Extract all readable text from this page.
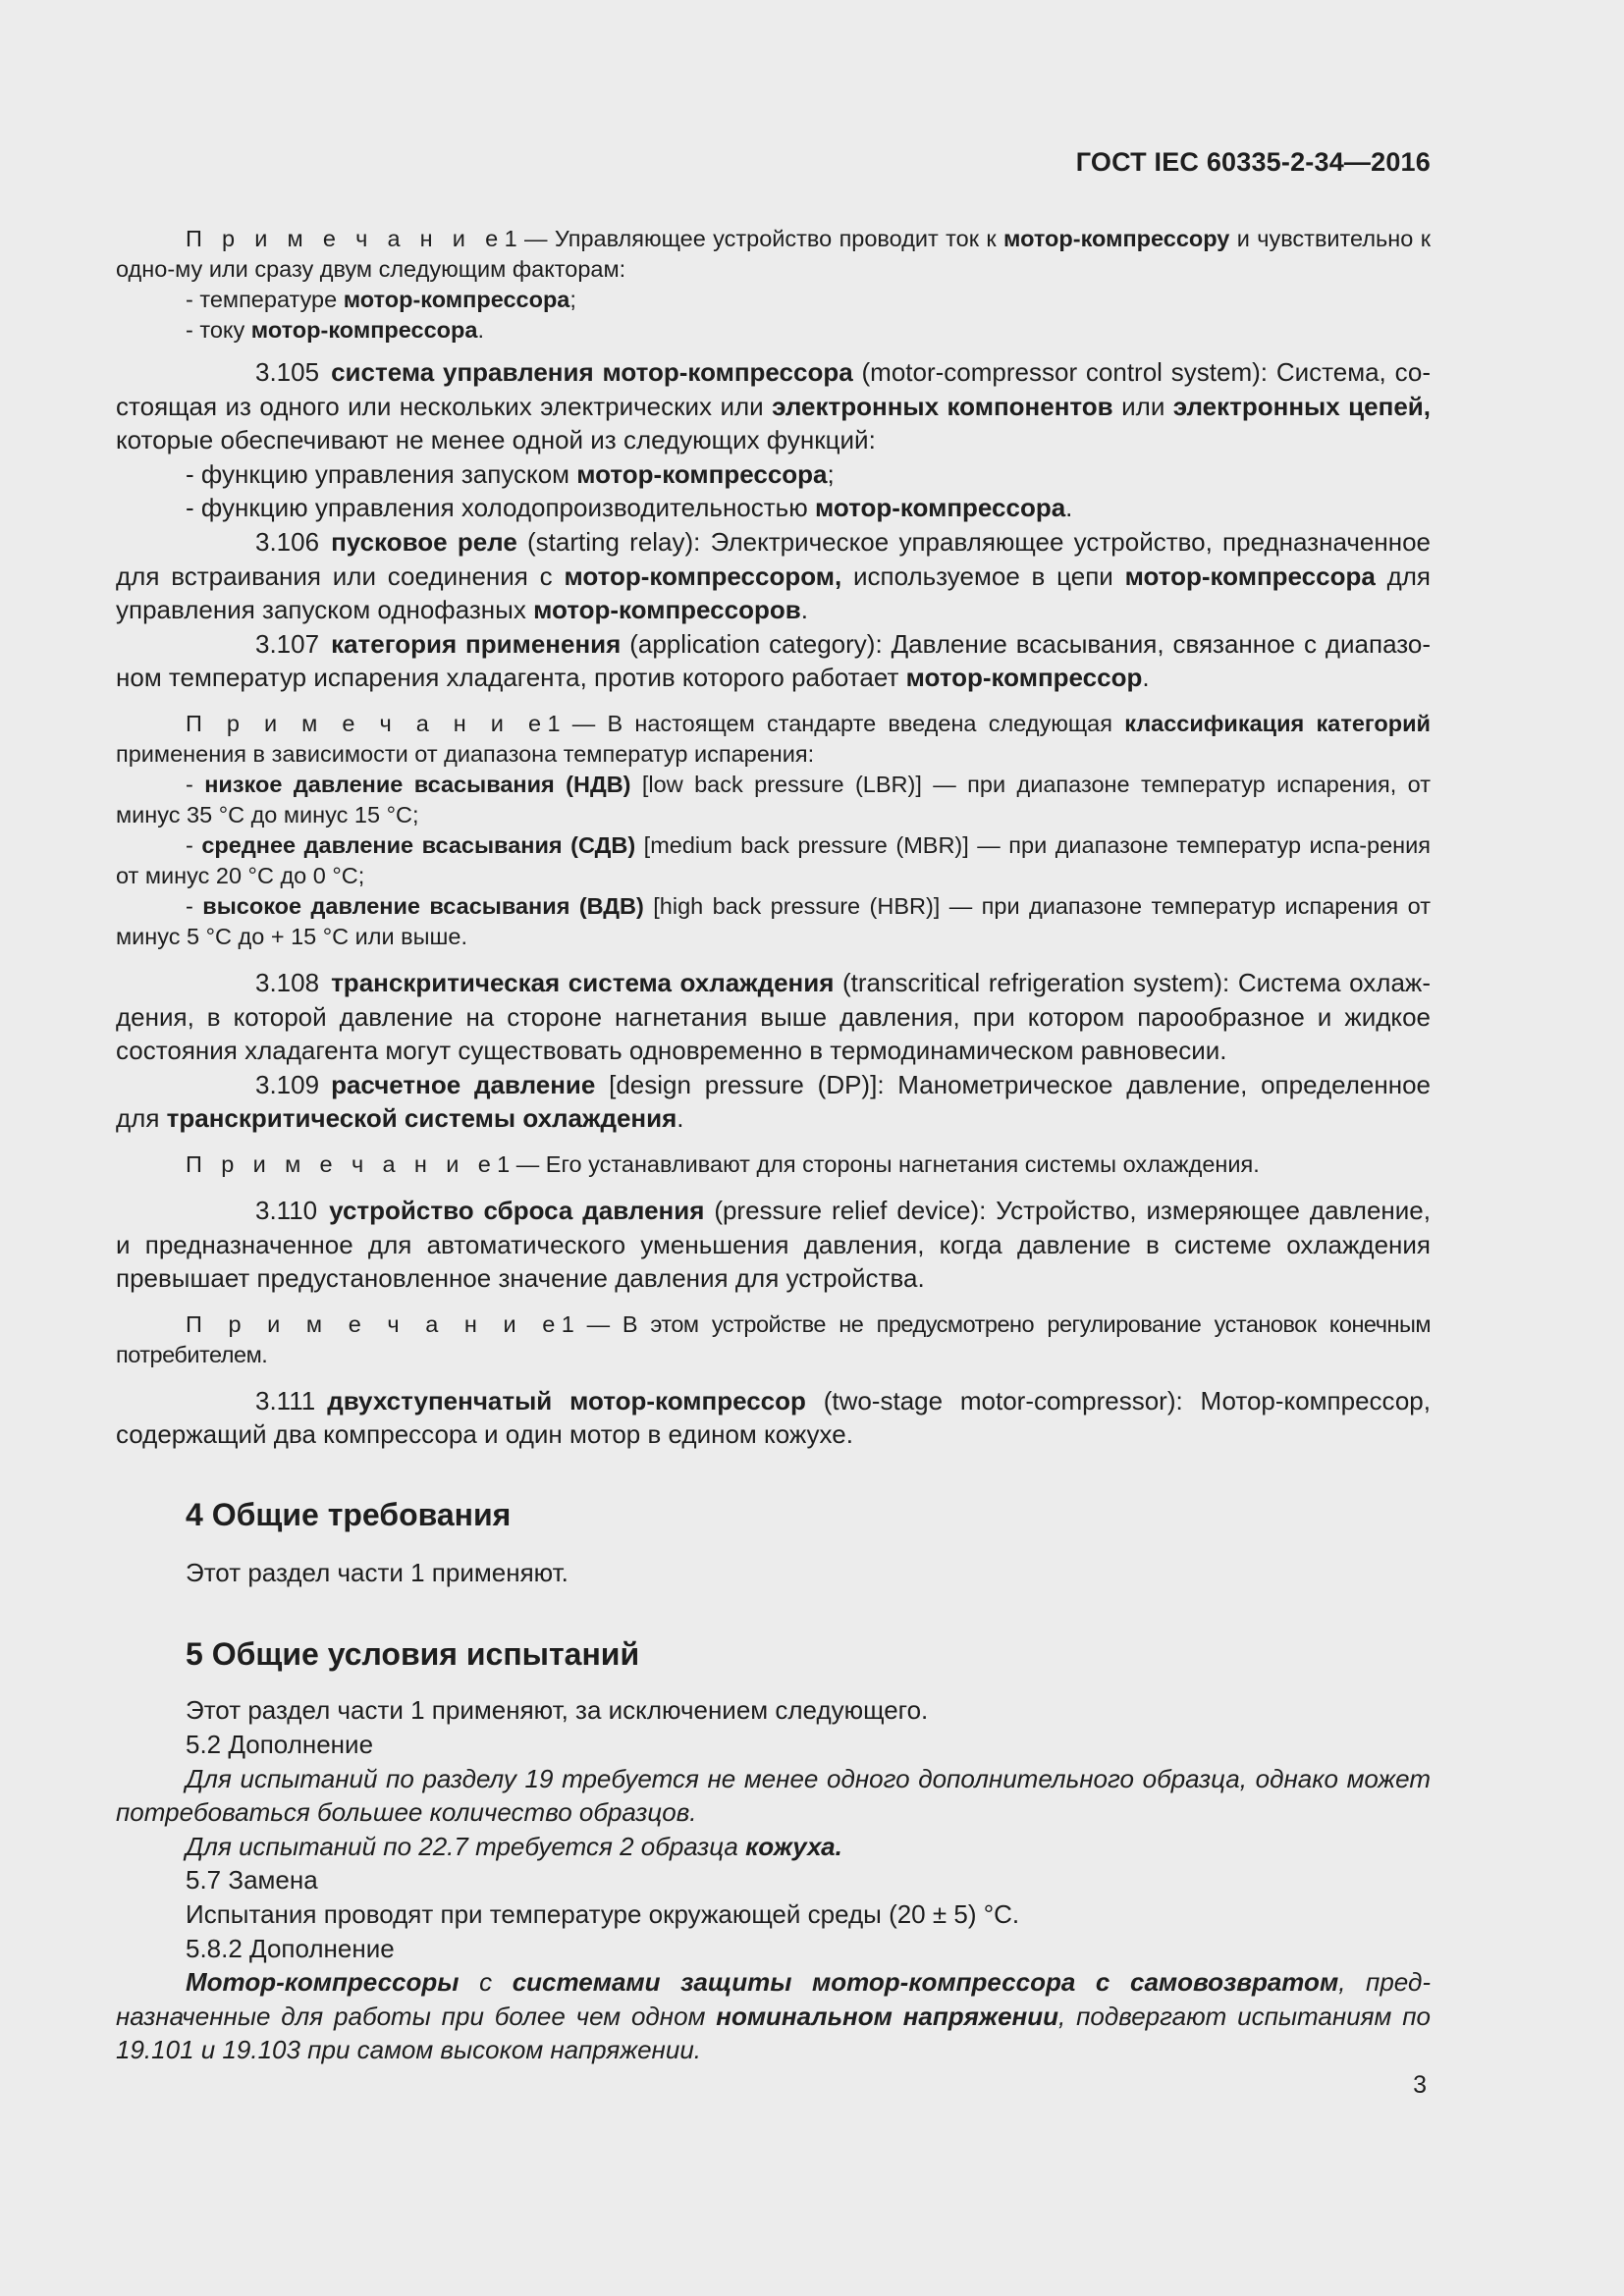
ГОСТ IEC 60335-2-34—2016

П р и м е ч а н и е1 — Управляющее устройство проводит ток к мотор-компрессору и чувствительно к одно-му или сразу двум следующим факторам:

- температуре мотор-компрессора;

- току мотор-компрессора.

3.105 система управления мотор-компрессора (motor-compressor control system): Система, со-стоящая из одного или нескольких электрических или электронных компонентов или электронных цепей, которые обеспечивают не менее одной из следующих функций:

- функцию управления запуском мотор-компрессора;

- функцию управления холодопроизводительностью мотор-компрессора.

3.106 пусковое реле (starting relay): Электрическое управляющее устройство, предназначенное для встраивания или соединения с мотор-компрессором, используемое в цепи мотор-компрессора для управления запуском однофазных мотор-компрессоров.

3.107 категория применения (application category): Давление всасывания, связанное с диапазо-ном температур испарения хладагента, против которого работает мотор-компрессор.

П р и м е ч а н и е1 — В настоящем стандарте введена следующая классификация категорий применения в зависимости от диапазона температур испарения:

- низкое давление всасывания (НДВ) [low back pressure (LBR)] — при диапазоне температур испарения, от минус 35 °C до минус 15 °C;

- среднее давление всасывания (СДВ) [medium back pressure (MBR)] — при диапазоне температур испа-рения от минус 20 °C до 0 °C;

- высокое давление всасывания (ВДВ) [high back pressure (HBR)] — при диапазоне температур испарения от минус 5 °C до + 15 °C или выше.

3.108 транскритическая система охлаждения (transcritical refrigeration system): Система охлаж-дения, в которой давление на стороне нагнетания выше давления, при котором парообразное и жидкое состояния хладагента могут существовать одновременно в термодинамическом равновесии.

3.109 расчетное давление [design pressure (DP)]: Манометрическое давление, определенное для транскритической системы охлаждения.

П р и м е ч а н и е1 — Его устанавливают для стороны нагнетания системы охлаждения.

3.110 устройство сброса давления (pressure relief device): Устройство, измеряющее давление, и предназначенное для автоматического уменьшения давления, когда давление в системе охлаждения превышает предустановленное значение давления для устройства.

П р и м е ч а н и е1 — В этом устройстве не предусмотрено регулирование установок конечным потребителем.

3.111 двухступенчатый мотор-компрессор (two-stage motor-compressor): Мотор-компрессор, содержащий два компрессора и один мотор в едином кожухе.

4 Общие требования

Этот раздел части 1 применяют.

5 Общие условия испытаний

Этот раздел части 1 применяют, за исключением следующего.

5.2 Дополнение

Для испытаний по разделу 19 требуется не менее одного дополнительного образца, однако может потребоваться большее количество образцов.

Для испытаний по 22.7 требуется 2 образца кожуха.

5.7 Замена

Испытания проводят при температуре окружающей среды (20 ± 5) °C.

5.8.2 Дополнение

Мотор-компрессоры с системами защиты мотор-компрессора с самовозвратом, пред-назначенные для работы при более чем одном номинальном напряжении, подвергают испытаниям по 19.101 и 19.103 при самом высоком напряжении.

3
